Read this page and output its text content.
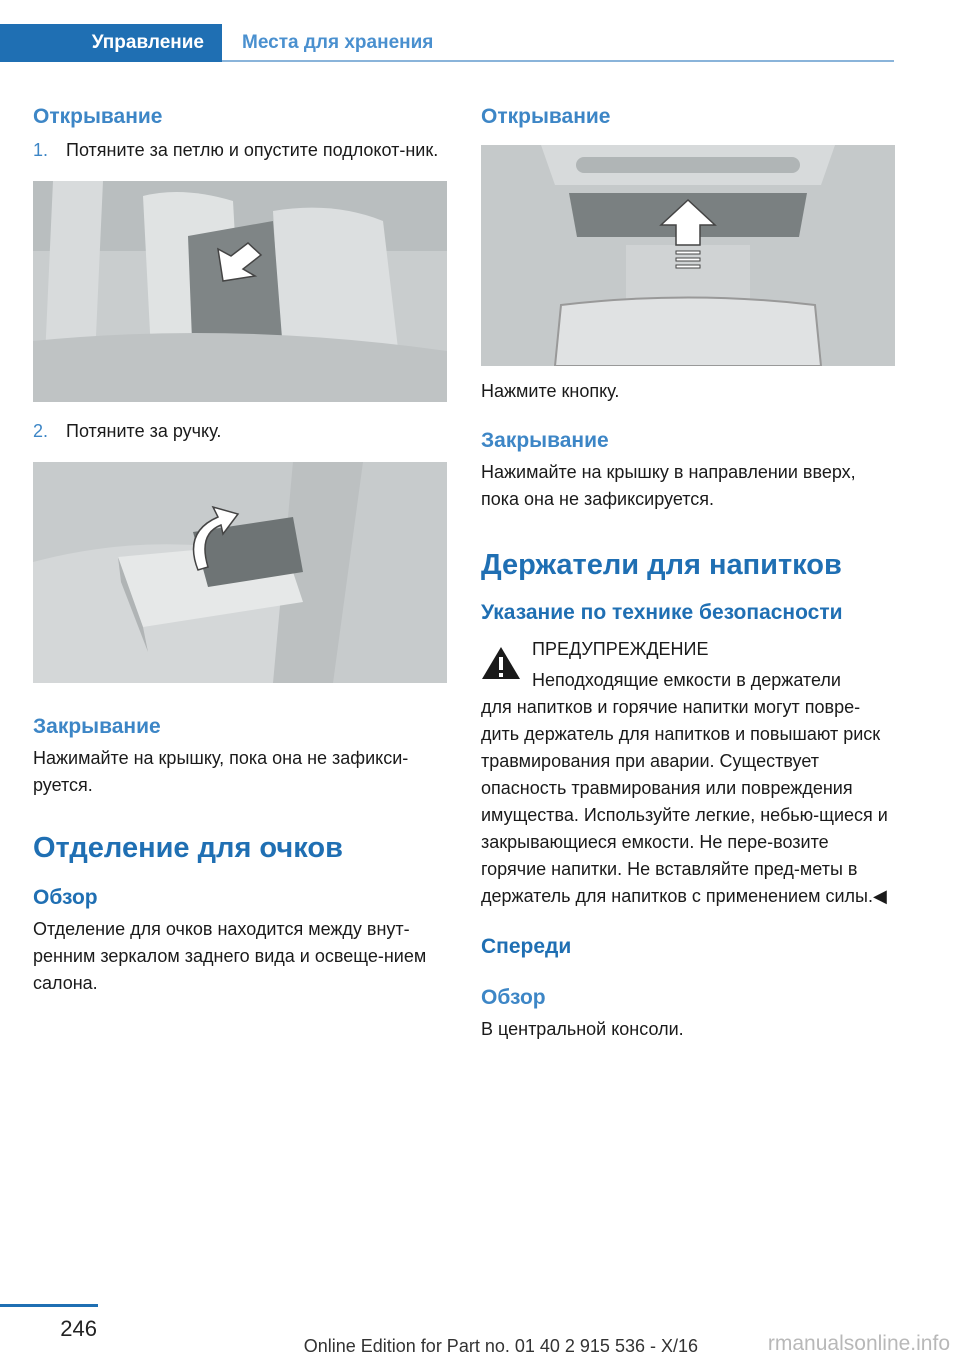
Управление	Места для хранения
Открывание
1. Потяните за петлю и опустите подлокот-ник.
2. Потяните за ручку.
Закрывание

Нажимайте на крышку, пока она не зафикси-руется.

Отделение для очков
Обзор

Отделение для очков находится между внут-ренним зеркалом заднего вида и освеще-нием салона.

Открывание

Нажмите кнопку.

Закрывание

Нажимайте на крышку в направлении вверх, пока она не зафиксируется.

Держатели для напитков
Указание по технике безопасности

ПРЕДУПРЕЖДЕНИЕ

Неподходящие емкости в держатели

для напитков и горячие напитки могут повре-дить держатель для напитков и повышают риск травмирования при аварии. Существует опасность травмирования или повреждения имущества. Используйте легкие, небью-щиеся и закрывающиеся емкости. Не пере-возите горячие напитки. Не вставляйте пред-меты в держатель для напитков с применением силы.◀

Спереди
Обзор

В центральной консоли.

246
Online Edition for Part no. 01 40 2 915 536 - X/16	rmanualsonline.info
